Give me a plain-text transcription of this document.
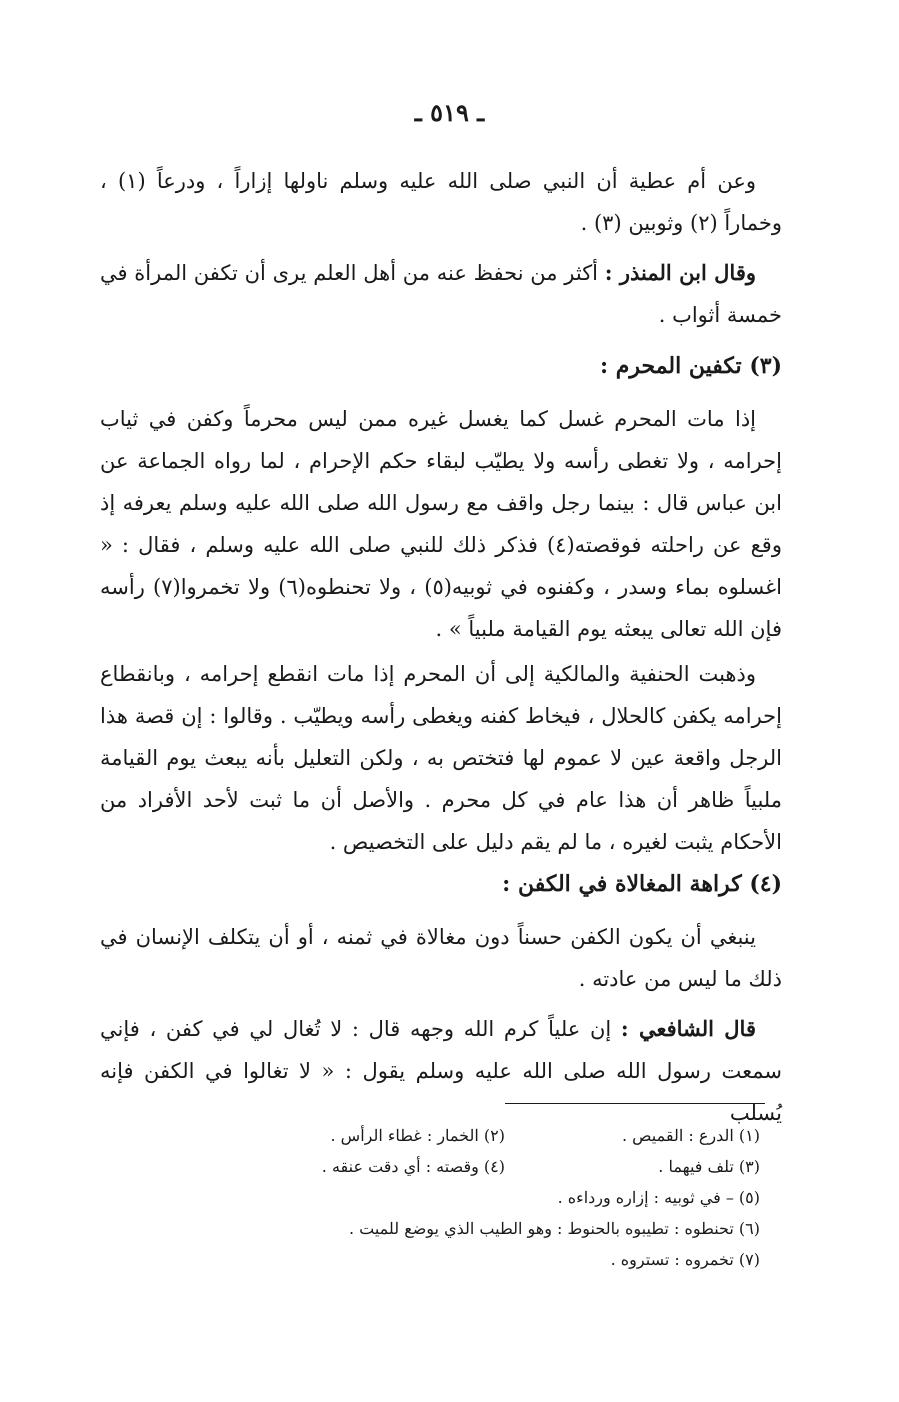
ـ ٥١٩ ـ
وعن أم عطية أن النبي صلى الله عليه وسلم ناولها إزاراً ، ودرعاً (١) ، وخماراً (٢) وثوبين (٣) .
وقال ابن المنذر : أكثر من نحفظ عنه من أهل العلم يرى أن تكفن المرأة في خمسة أثواب .
(٣) تكفين المحرم :
إذا مات المحرم غسل كما يغسل غيره ممن ليس محرماً وكفن في ثياب إحرامه ، ولا تغطى رأسه ولا يطيّب لبقاء حكم الإحرام ، لما رواه الجماعة عن ابن عباس قال : بينما رجل واقف مع رسول الله صلى الله عليه وسلم يعرفه إذ وقع عن راحلته فوقصته(٤) فذكر ذلك للنبي صلى الله عليه وسلم ، فقال : « اغسلوه بماء وسدر ، وكفنوه في ثوبيه(٥) ، ولا تحنطوه(٦) ولا تخمروا(٧) رأسه فإن الله تعالى يبعثه يوم القيامة ملبياً » .
وذهبت الحنفية والمالكية إلى أن المحرم إذا مات انقطع إحرامه ، وبانقطاع إحرامه يكفن كالحلال ، فيخاط كفنه ويغطى رأسه ويطيّب . وقالوا : إن قصة هذا الرجل واقعة عين لا عموم لها فتختص به ، ولكن التعليل بأنه يبعث يوم القيامة ملبياً ظاهر أن هذا عام في كل محرم . والأصل أن ما ثبت لأحد الأفراد من الأحكام يثبت لغيره ، ما لم يقم دليل على التخصيص .
(٤) كراهة المغالاة في الكفن :
ينبغي أن يكون الكفن حسناً دون مغالاة في ثمنه ، أو أن يتكلف الإنسان في ذلك ما ليس من عادته .
قال الشافعي : إن علياً كرم الله وجهه قال : لا تُغال لي في كفن ، فإني سمعت رسول الله صلى الله عليه وسلم يقول : « لا تغالوا في الكفن فإنه يُسلب
(١) الدرع : القميص .
(٢) الخمار : غطاء الرأس .
(٣) تلف فيهما .
(٤) وقصته : أي دقت عنقه .
(٥) – في ثوبيه : إزاره ورداءه .
(٦) تحنطوه : تطيبوه بالحنوط : وهو الطيب الذي يوضع للميت .
(٧) تخمروه : تستروه .
